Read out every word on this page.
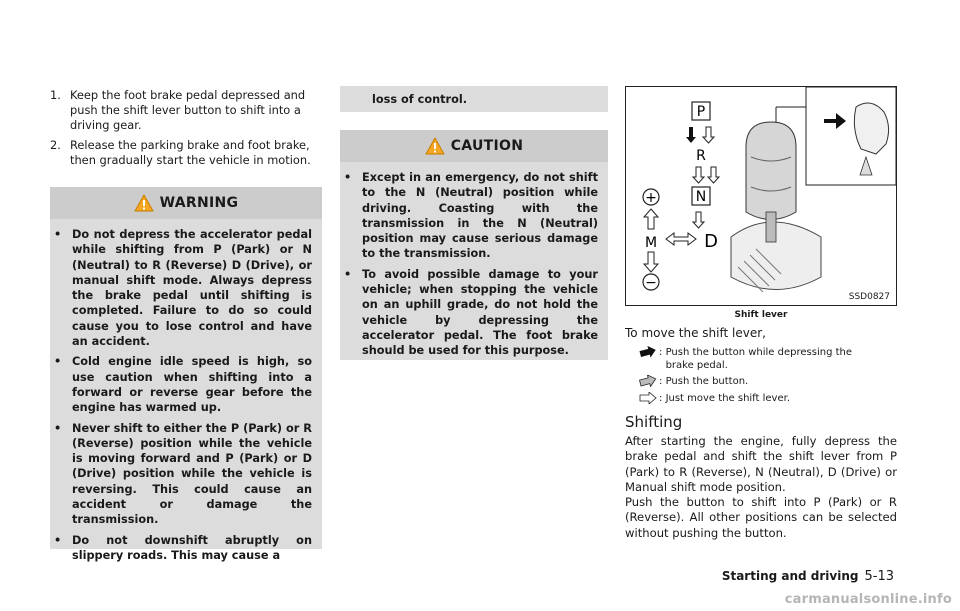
1. Keep the foot brake pedal depressed and push the shift lever button to shift into a driving gear.
2. Release the parking brake and foot brake, then gradually start the vehicle in motion.
WARNING
• Do not depress the accelerator pedal while shifting from P (Park) or N (Neutral) to R (Reverse) D (Drive), or manual shift mode. Always depress the brake pedal until shifting is completed. Failure to do so could cause you to lose control and have an accident.
• Cold engine idle speed is high, so use caution when shifting into a forward or reverse gear before the engine has warmed up.
• Never shift to either the P (Park) or R (Reverse) position while the vehicle is moving forward and P (Park) or D (Drive) position while the vehicle is reversing. This could cause an accident or damage the transmission.
• Do not downshift abruptly on slippery roads. This may cause a
loss of control.
CAUTION
• Except in an emergency, do not shift to the N (Neutral) position while driving. Coasting with the transmission in the N (Neutral) position may cause serious damage to the transmission.
• To avoid possible damage to your vehicle; when stopping the vehicle on an uphill grade, do not hold the vehicle by depressing the accelerator pedal. The foot brake should be used for this purpose.
P
R
N
D
+
M
−
SSD0827
Shift lever
To move the shift lever,
:
Push the button while depressing the brake pedal.
:
Push the button.
:
Just move the shift lever.
Shifting
After starting the engine, fully depress the brake pedal and shift the shift lever from P (Park) to R (Reverse), N (Neutral), D (Drive) or Manual shift mode position.
Push the button to shift into P (Park) or R (Reverse). All other positions can be selected without pushing the button.
Starting and driving 5-13
carmanualsonline.info
